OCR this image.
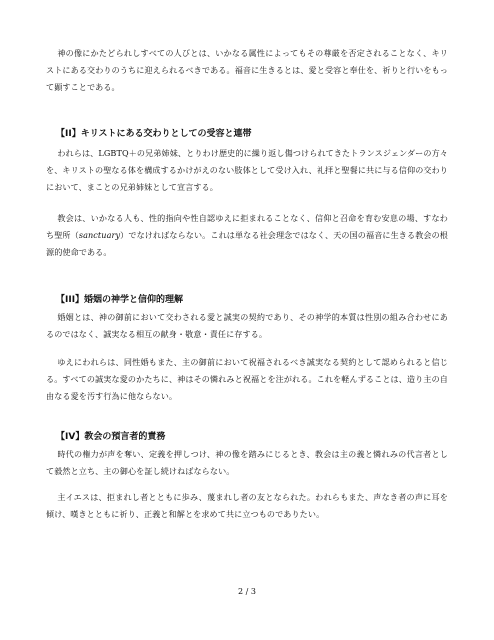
神の像にかたどられしすべての人びとは、いかなる属性によってもその尊厳を否定されることなく、キリストにある交わりのうちに迎えられるべきである。福音に生きるとは、愛と受容と奉仕を、祈りと行いをもって顕すことである。

【II】キリストにある交わりとしての受容と連帯

われらは、LGBTQ＋の兄弟姉妹、とりわけ歴史的に繰り返し傷つけられてきたトランスジェンダーの方々を、キリストの聖なる体を構成するかけがえのない肢体として受け入れ、礼拝と聖餐に共に与る信仰の交わりにおいて、まことの兄弟姉妹として宣言する。

教会は、いかなる人も、性的指向や性自認ゆえに拒まれることなく、信仰と召命を育む安息の場、すなわち聖所（sanctuary）でなければならない。これは単なる社会理念ではなく、天の国の福音に生きる教会の根源的使命である。

【III】婚姻の神学と信仰的理解

婚姻とは、神の御前において交わされる愛と誠実の契約であり、その神学的本質は性別の組み合わせにあるのではなく、誠実なる相互の献身・敬意・責任に存する。

ゆえにわれらは、同性婚もまた、主の御前において祝福されるべき誠実なる契約として認められると信じる。すべての誠実な愛のかたちに、神はその憐れみと祝福とを注がれる。これを軽んずることは、造り主の自由なる愛を汚す行為に他ならない。

【IV】教会の預言者的責務

時代の権力が声を奪い、定義を押しつけ、神の像を踏みにじるとき、教会は主の義と憐れみの代言者として毅然と立ち、主の御心を証し続けねばならない。

主イエスは、拒まれし者とともに歩み、蔑まれし者の友となられた。われらもまた、声なき者の声に耳を傾け、嘆きとともに祈り、正義と和解とを求めて共に立つものでありたい。

2 / 3
